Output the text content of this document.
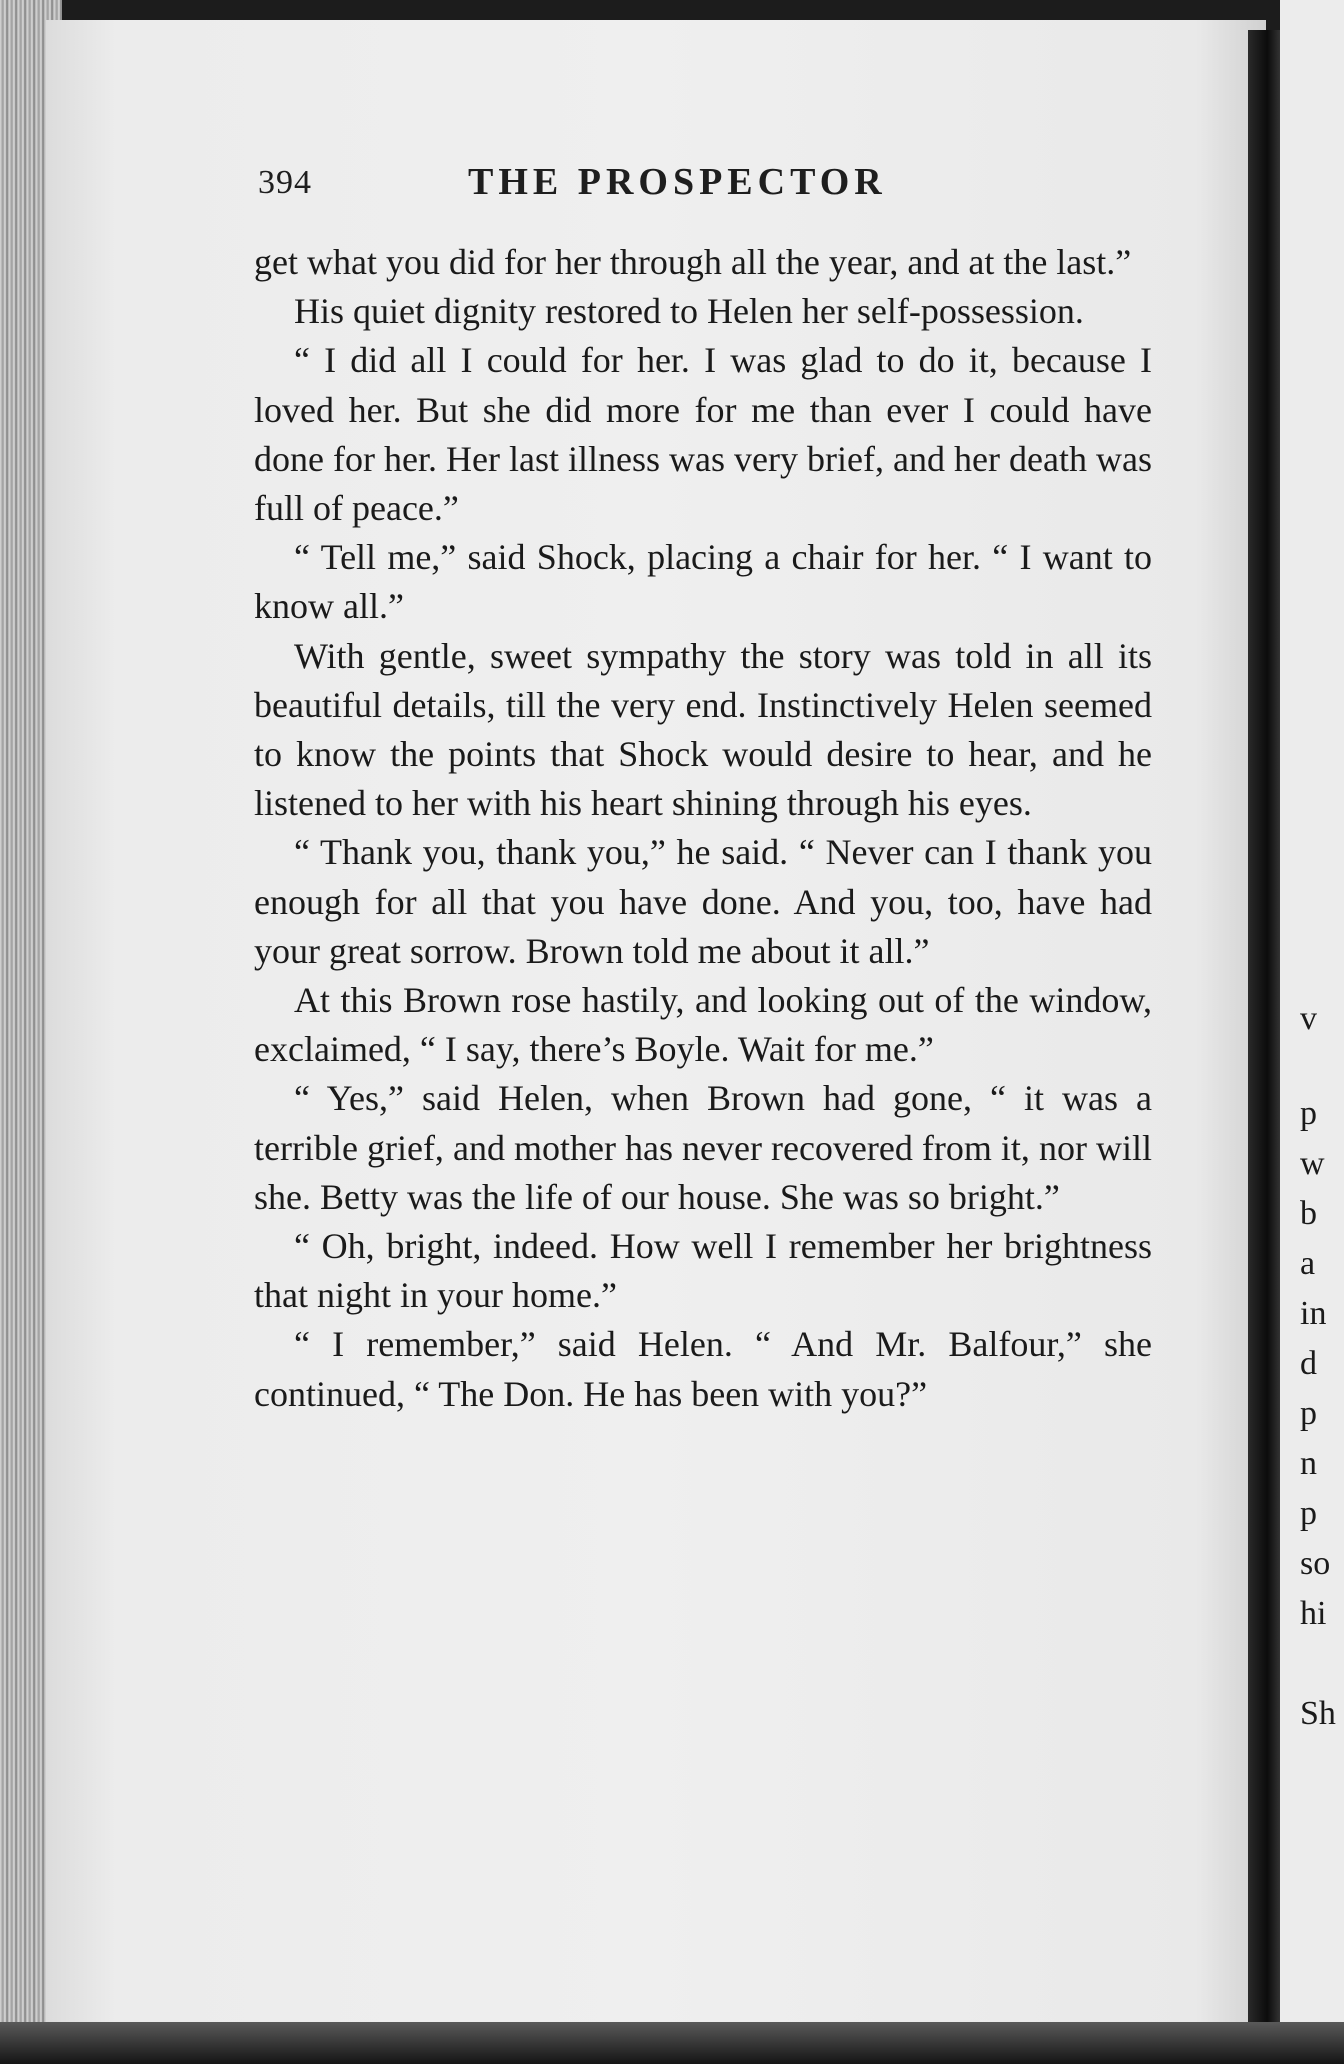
394	THE PROSPECTOR

get what you did for her through all the year, and at the last.”

His quiet dignity restored to Helen her self-possession.

“ I did all I could for her. I was glad to do it, because I loved her. But she did more for me than ever I could have done for her. Her last illness was very brief, and her death was full of peace.”

“ Tell me,” said Shock, placing a chair for her. “ I want to know all.”

With gentle, sweet sympathy the story was told in all its beautiful details, till the very end. Instinctively Helen seemed to know the points that Shock would desire to hear, and he listened to her with his heart shining through his eyes.

“ Thank you, thank you,” he said. “ Never can I thank you enough for all that you have done. And you, too, have had your great sorrow. Brown told me about it all.”

At this Brown rose hastily, and looking out of the window, exclaimed, “ I say, there’s Boyle. Wait for me.”

“ Yes,” said Helen, when Brown had gone, “ it was a terrible grief, and mother has never recovered from it, nor will she. Betty was the life of our house. She was so bright.”

“ Oh, bright, indeed. How well I remember her brightness that night in your home.”

“ I remember,” said Helen. “ And Mr. Balfour,” she continued, “ The Don. He has been with you?”

v
p
w
b
a
in
d
p
n
p
so
hi
Sh
